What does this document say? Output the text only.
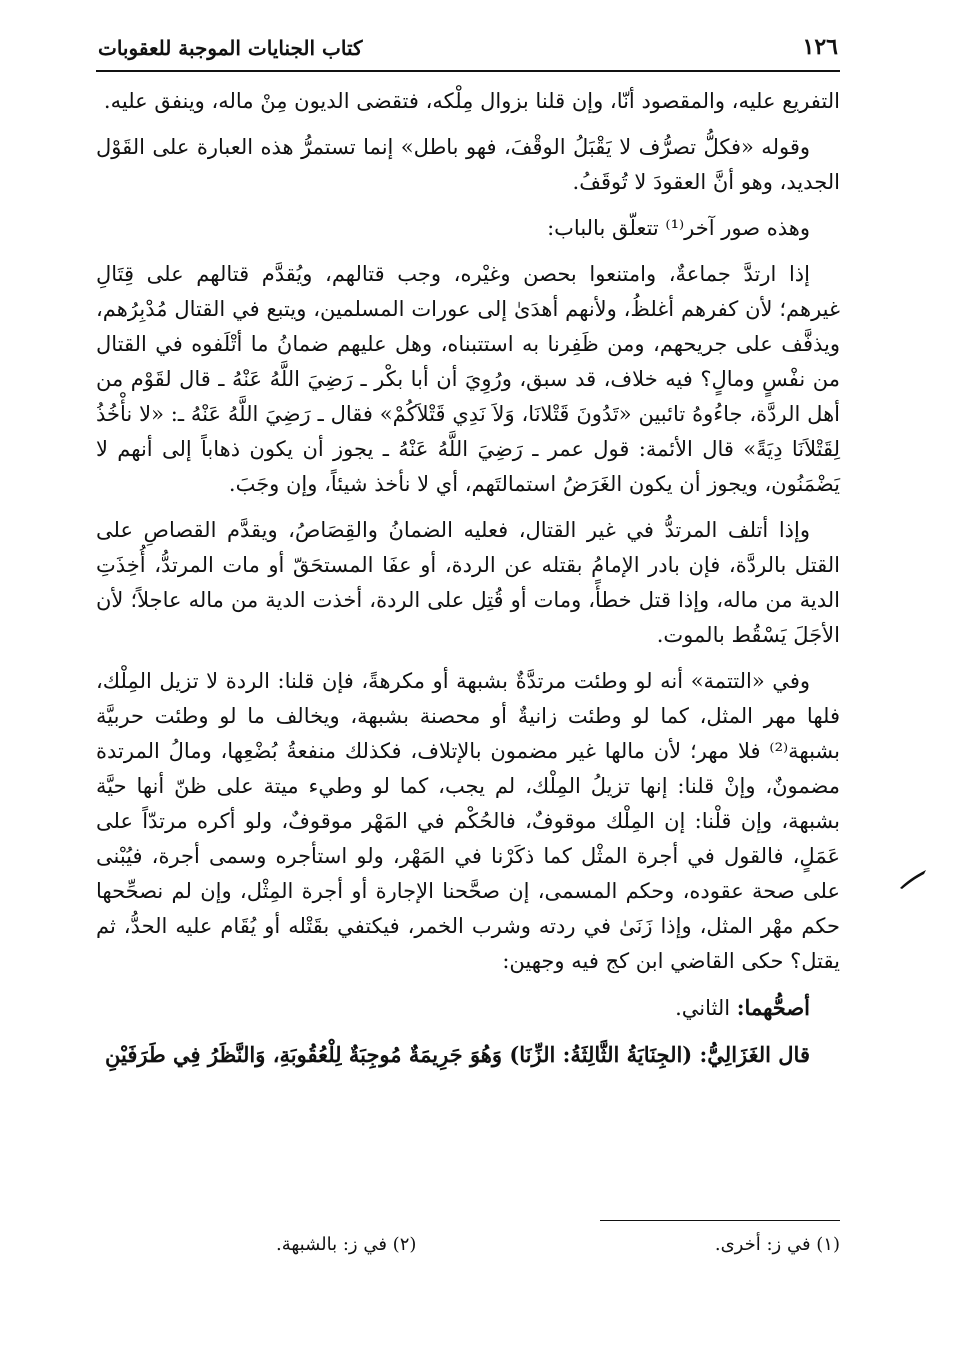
١٢٦
كتاب الجنايات الموجبة للعقوبات

التفريع عليه، والمقصود أنّا، وإن قلنا بزوال مِلْكه، فتقضى الديون مِنْ ماله، وينفق عليه.

وقوله «فكلُّ تصرُّف لا يَقْبَلُ الوقْفَ، فهو باطل» إنما تستمرُّ هذه العبارة على القَوْل الجديد، وهو أنَّ العقودَ لا تُوقَفُ.

وهذه صور آخر⁽¹⁾ تتعلّق بالباب:

إذا ارتدَّ جماعةٌ، وامتنعوا بحصن وغيْره، وجب قتالهم، ويُقدَّم قتالهم على قِتَالِ غيرهم؛ لأن كفرهم أغلظُ، ولأنهم أهدَىٰ إلى عورات المسلمين، ويتبع في القتال مُدْبِرُهم، ويذفَّف على جريحهم، ومن ظَفِرنا به استتبناه، وهل عليهم ضمانُ ما أتْلَفوه في القتال من نفْسٍ ومالٍ؟ فيه خلاف، قد سبق، ورُوِيَ أن أبا بكْر ـ رَضِيَ اللَّهُ عَنْهُ ـ قال لقَوْم من أهل الردَّة، جاءُوهُ تائبين «تَدُونَ قَتْلانَا، وَلاَ نَدِي قَتْلاَكُمْ» فقال ـ رَضِيَ اللَّهُ عَنْهُ ـ: «لا نأْخُذُ لِقَتْلاَنَا دِيَةً» قال الأئمة: قول عمر ـ رَضِيَ اللَّهُ عَنْهُ ـ يجوز أن يكون ذهاباً إلى أنهم لا يَضْمَنُون، ويجوز أن يكون الغَرَضُ استمالتَهم، أي لا نأخذ شيئاً، وإن وجَبَ.

وإذا أتلف المرتدُّ في غير القتال، فعليه الضمانُ والقِصَاصُ، ويقدَّم القصاصِ على القتل بالردَّة، فإن بادر الإمامُ بقتله عن الردة، أو عفَا المستحَقّ أو مات المرتدُّ، أُخِذَتِ الدية من ماله، وإذا قتل خطأً، ومات أو قُتِل على الردة، أخذت الدية من ماله عاجلاً؛ لأن الأجَلَ يَسْقُط بالموت.

وفي «التتمة» أنه لو وطئت مرتدَّةٌ بشبهة أو مكرهةً، فإن قلنا: الردة لا تزيل المِلْك، فلها مهر المثل، كما لو وطئت زانيةٌ أو محصنة بشبهة، ويخالف ما لو وطئت حربيَّة بشبهة⁽²⁾ فلا مهر؛ لأن مالها غير مضمون بالإتلاف، فكذلك منفعةُ بُضْعِها، ومالُ المرتدة مضمونٌ، وإنْ قلنا: إنها تزيلُ المِلْك، لم يجب، كما لو وطيء ميتة على ظنّ أنها حيَّة بشبهة، وإن قلْنا: إن المِلْك موقوفٌ، فالحُكْم في المَهْر موقوفٌ، ولو أكره مرتدّاً على عَمَلٍ، فالقول في أجرة المثْل كما ذكَرْنا في المَهْر، ولو استأجره وسمى أجرة، فيُبْنى على صحة عقوده، وحكم المسمى، إن صحَّحنا الإجارة أو أجرة المِثْل، وإن لم نصحِّحها حكم مهْر المثل، وإذا زَنَىٰ في ردته وشرب الخمر، فيكتفي بقَتْله أو يُقَام عليه الحدُّ، ثم يقتل؟ حكى القاضي ابن كج فيه وجهين:

أصحُّهما: الثاني.

قال الغَزَالِيُّ: (الجِنَايَةُ الثَّالِثَةُ: الزِّنَا) وَهُوَ جَرِيمَةٌ مُوجِبَةٌ لِلْعُقُوبَةِ، وَالنَّظَرُ فِي طَرَفَيْنِ

(١) في ز: أخرى.
(٢) في ز: بالشبهة.
